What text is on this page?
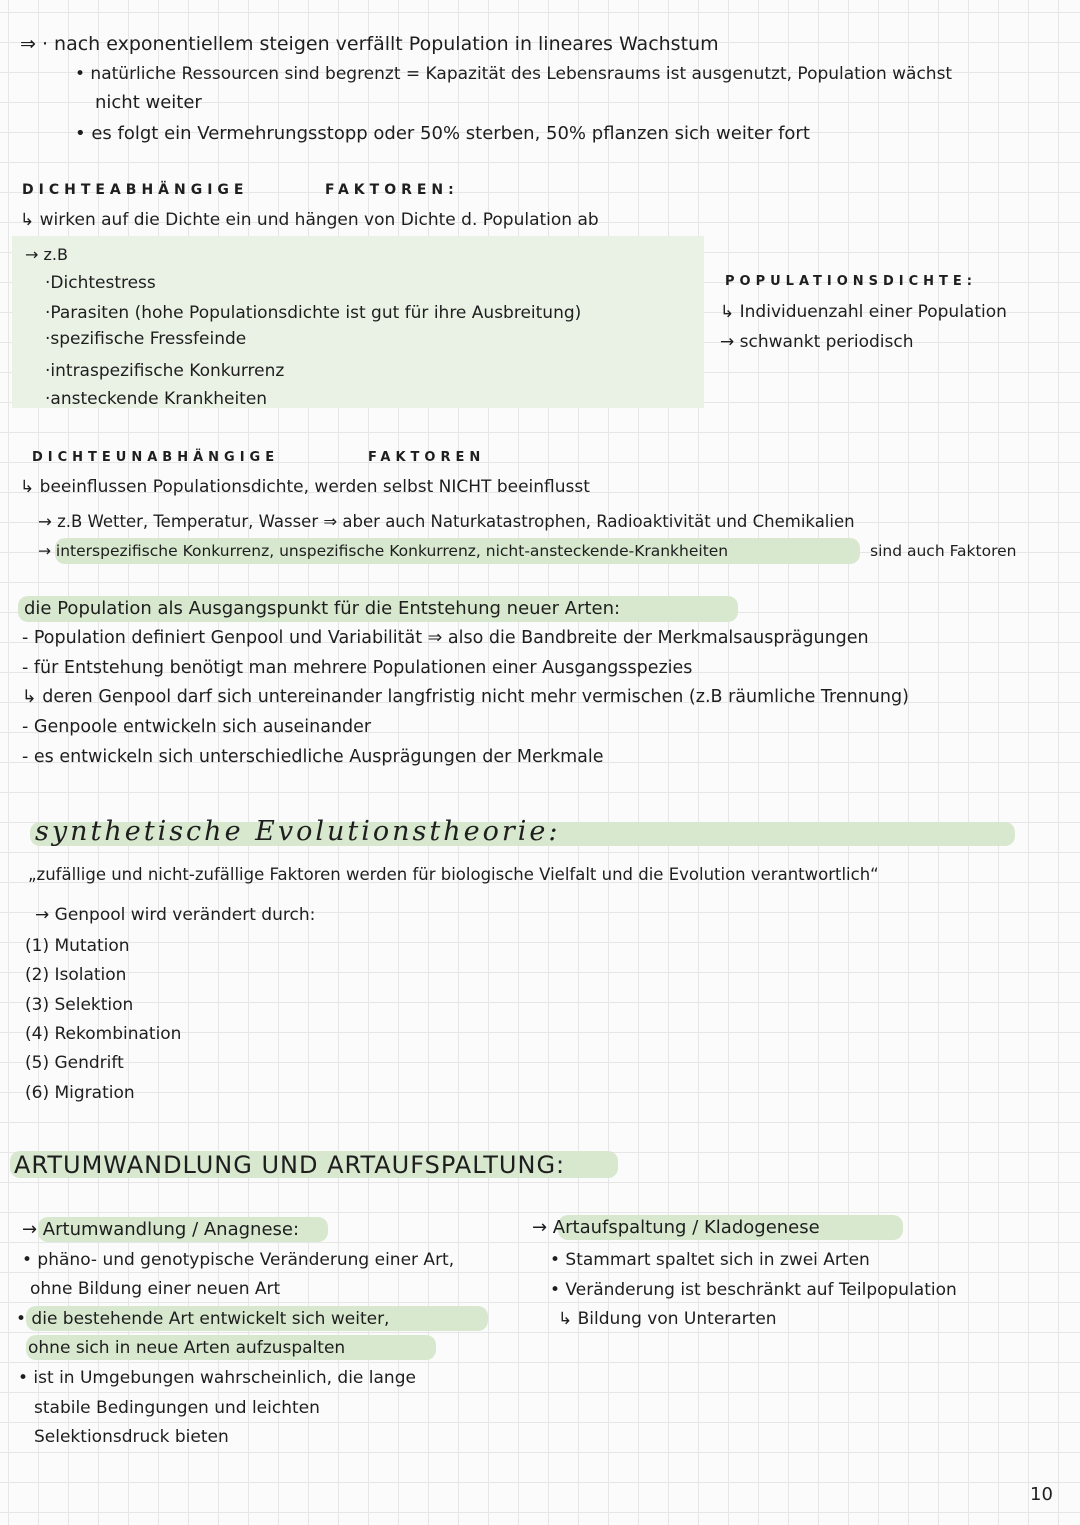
⇒ · nach exponentiellem steigen verfällt Population in lineares Wachstum
• natürliche Ressourcen sind begrenzt = Kapazität des Lebensraums ist ausgenutzt, Population wächst
nicht weiter
• es folgt ein Vermehrungsstopp oder 50% sterben, 50% pflanzen sich weiter fort
DICHTEABHÄNGIGE	FAKTOREN:
↳ wirken auf die Dichte ein und hängen von Dichte d. Population ab
→ z.B
·Dichtestress
·Parasiten (hohe Populationsdichte ist gut für ihre Ausbreitung)
·spezifische Fressfeinde
·intraspezifische Konkurrenz
·ansteckende Krankheiten
POPULATIONSDICHTE:
↳ Individuenzahl einer Population
→ schwankt periodisch
DICHTEUNABHÄNGIGE	FAKTOREN
↳ beeinflussen Populationsdichte, werden selbst NICHT beeinflusst
→ z.B Wetter, Temperatur, Wasser ⇒ aber auch Naturkatastrophen, Radioaktivität und Chemikalien
→ interspezifische Konkurrenz, unspezifische Konkurrenz, nicht-ansteckende-Krankheiten	sind auch Faktoren
die Population als Ausgangspunkt für die Entstehung neuer Arten:
- Population definiert Genpool und Variabilität ⇒ also die Bandbreite der Merkmalsausprägungen
- für Entstehung benötigt man mehrere Populationen einer Ausgangsspezies
↳ deren Genpool darf sich untereinander langfristig nicht mehr vermischen (z.B räumliche Trennung)
- Genpoole entwickeln sich auseinander
- es entwickeln sich unterschiedliche Ausprägungen der Merkmale
synthetische Evolutionstheorie:
„zufällige und nicht-zufällige Faktoren werden für biologische Vielfalt und die Evolution verantwortlich“
→ Genpool wird verändert durch:
(1) Mutation
(2) Isolation
(3) Selektion
(4) Rekombination
(5) Gendrift
(6) Migration
ARTUMWANDLUNG UND ARTAUFSPALTUNG:
→ Artumwandlung / Anagnese:
• phäno- und genotypische Veränderung einer Art,
ohne Bildung einer neuen Art
• die bestehende Art entwickelt sich weiter,
ohne sich in neue Arten aufzuspalten
• ist in Umgebungen wahrscheinlich, die lange
stabile Bedingungen und leichten
Selektionsdruck bieten
→ Artaufspaltung / Kladogenese
• Stammart spaltet sich in zwei Arten
• Veränderung ist beschränkt auf Teilpopulation
↳ Bildung von Unterarten
10
